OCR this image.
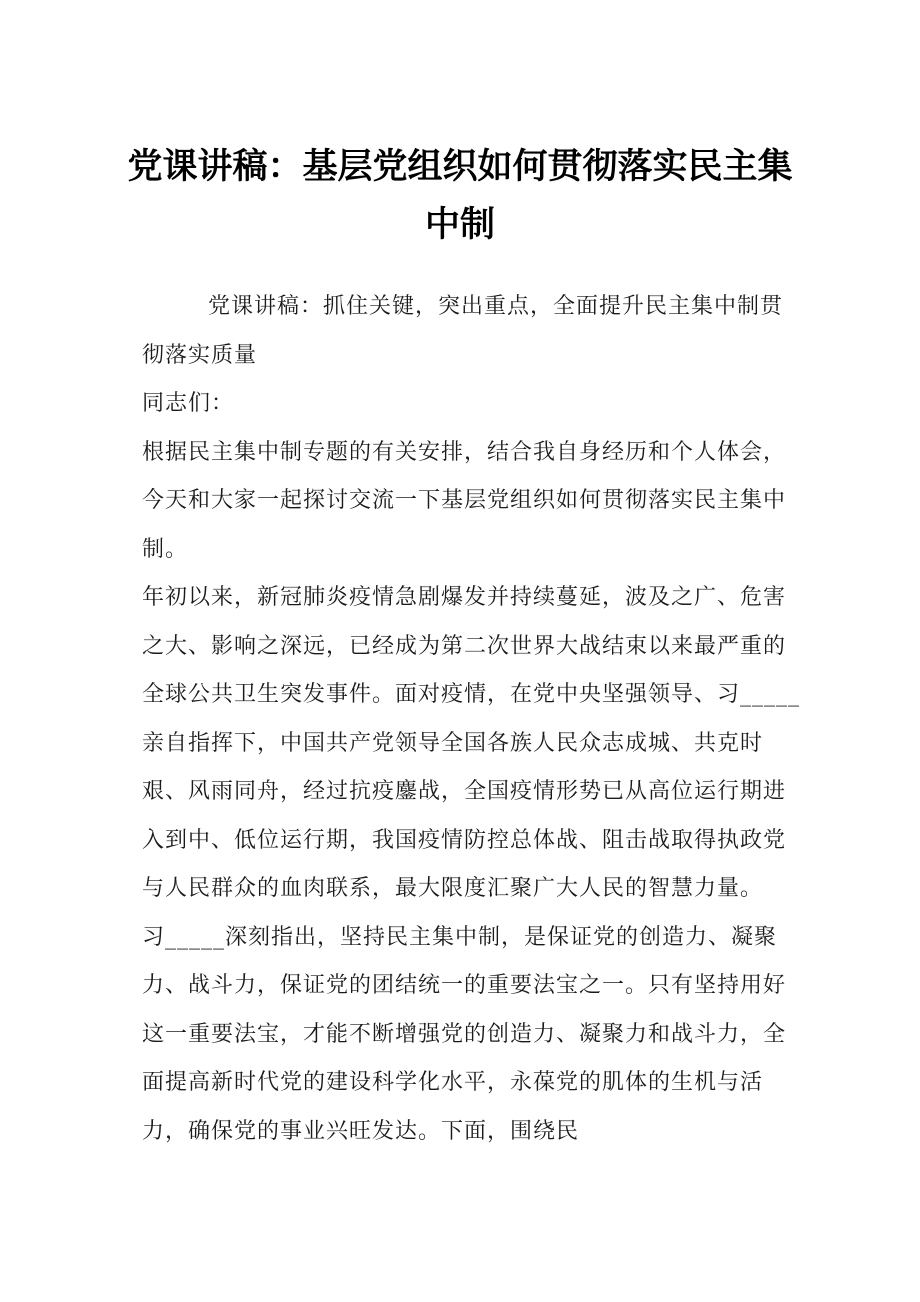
党课讲稿：基层党组织如何贯彻落实民主集中制

党课讲稿：抓住关键，突出重点，全面提升民主集中制贯彻落实质量

同志们：

根据民主集中制专题的有关安排，结合我自身经历和个人体会，今天和大家一起探讨交流一下基层党组织如何贯彻落实民主集中制。

年初以来，新冠肺炎疫情急剧爆发并持续蔓延，波及之广、危害之大、影响之深远，已经成为第二次世界大战结束以来最严重的全球公共卫生突发事件。面对疫情，在党中央坚强领导、习_____亲自指挥下，中国共产党领导全国各族人民众志成城、共克时艰、风雨同舟，经过抗疫鏖战，全国疫情形势已从高位运行期进入到中、低位运行期，我国疫情防控总体战、阻击战取得执政党与人民群众的血肉联系，最大限度汇聚广大人民的智慧力量。

习_____深刻指出，坚持民主集中制，是保证党的创造力、凝聚力、战斗力，保证党的团结统一的重要法宝之一。只有坚持用好这一重要法宝，才能不断增强党的创造力、凝聚力和战斗力，全面提高新时代党的建设科学化水平，永葆党的肌体的生机与活力，确保党的事业兴旺发达。下面，围绕民
